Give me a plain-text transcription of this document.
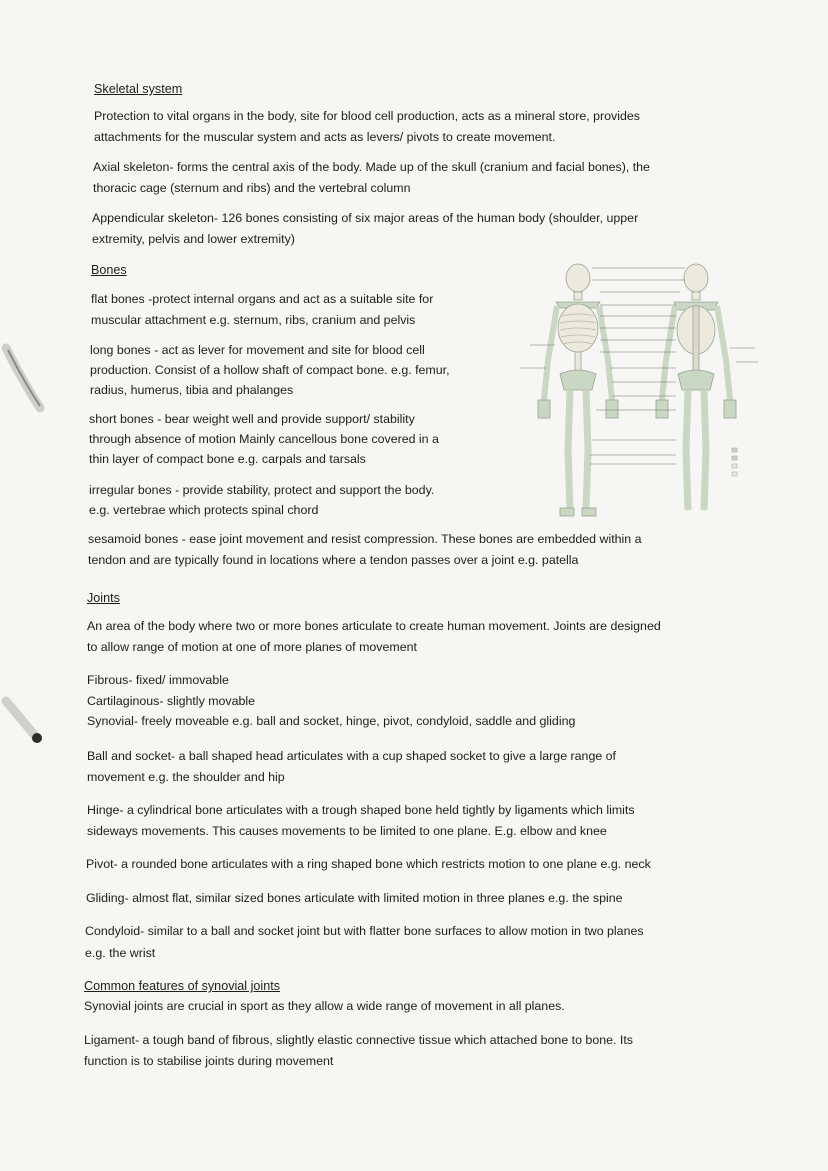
Skeletal system

Protection to vital organs in the body, site for blood cell production, acts as a mineral store, provides

attachments for the muscular system and acts as levers/ pivots to create movement.

Axial skeleton- forms the central axis of the body. Made up of the skull (cranium and facial bones), the

thoracic cage (sternum and ribs) and the vertebral column

Appendicular skeleton- 126 bones consisting of six major areas of the human body (shoulder, upper

extremity, pelvis and lower extremity)

Bones

flat bones -protect internal organs and act as a suitable site for

muscular attachment e.g. sternum, ribs, cranium and pelvis

long bones - act as lever for movement and site for blood cell

production. Consist of a hollow shaft of compact bone. e.g. femur,

radius, humerus, tibia and phalanges

short bones - bear weight well and provide support/ stability

through absence of motion Mainly cancellous bone covered in a

thin layer of compact bone e.g. carpals and tarsals

irregular bones - provide stability, protect and support the body.

e.g. vertebrae which protects spinal chord

sesamoid bones - ease joint movement and resist compression. These bones are embedded within a

tendon and are typically found in locations where a tendon passes over a joint e.g. patella

Joints

An area of the body where two or more bones articulate to create human movement. Joints are designed

to allow range of motion at one of more planes of movement

Fibrous- fixed/ immovable

Cartilaginous- slightly movable

Synovial- freely moveable e.g. ball and socket, hinge, pivot, condyloid, saddle and gliding

Ball and socket- a ball shaped head articulates with a cup shaped socket to give a large range of

movement e.g. the shoulder and hip

Hinge- a cylindrical bone articulates with a trough shaped bone held tightly by ligaments which limits

sideways movements. This causes movements to be limited to one plane. E.g. elbow and knee

Pivot- a rounded bone articulates with a ring shaped bone which restricts motion to one plane e.g. neck

Gliding- almost flat, similar sized bones articulate with limited motion in three planes e.g. the spine

Condyloid- similar to a ball and socket joint but with flatter bone surfaces to allow motion in two planes

e.g. the wrist

Common features of synovial joints

Synovial joints are crucial in sport as they allow a wide range of movement in all planes.

Ligament- a tough band of fibrous, slightly elastic connective tissue which attached bone to bone. Its

function is to stabilise joints during movement
